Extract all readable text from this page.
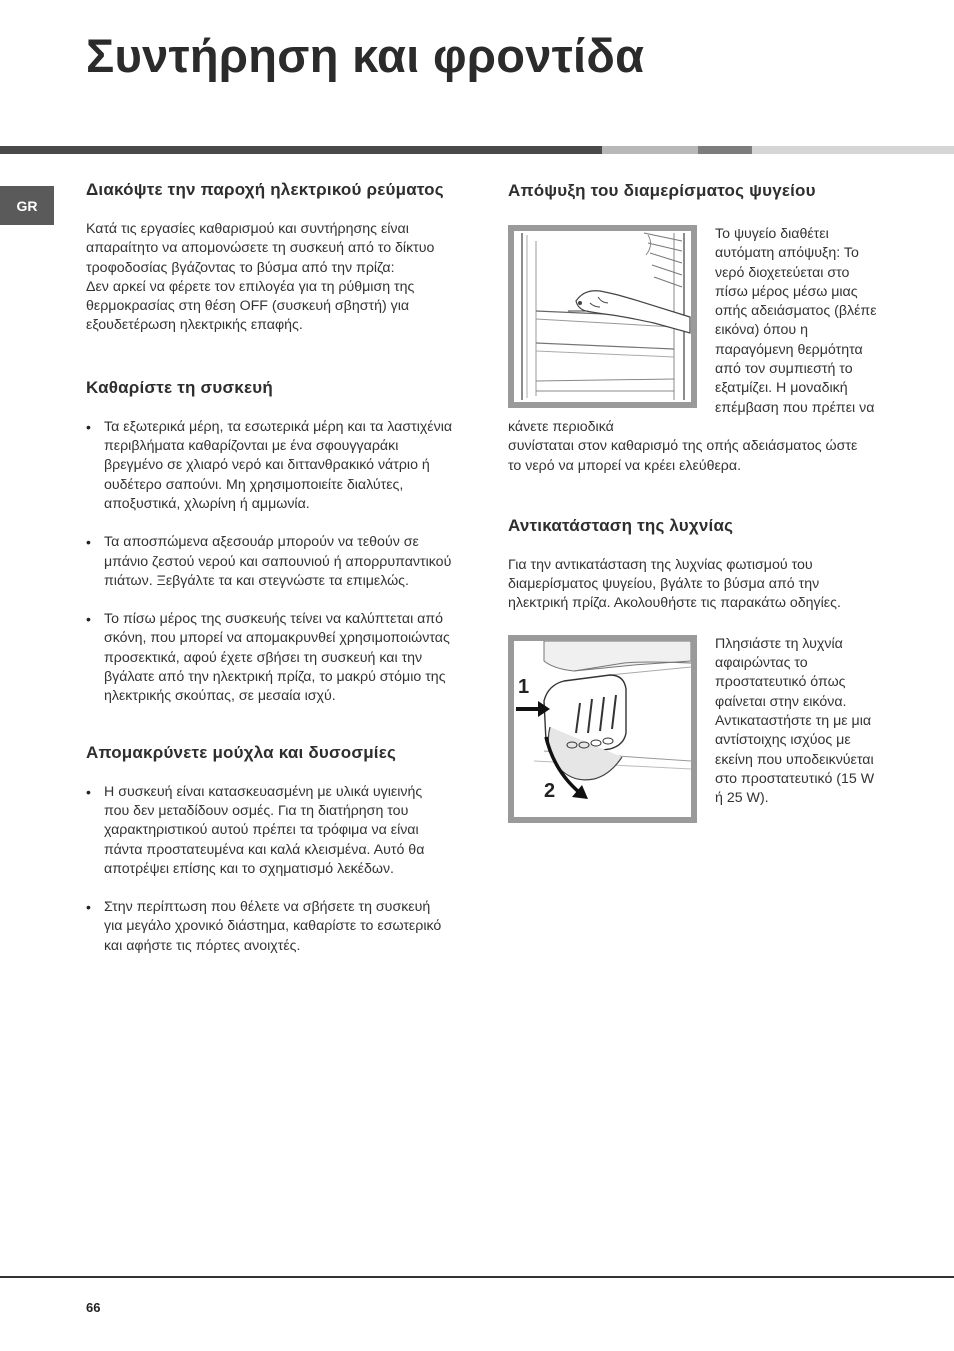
Συντήρηση και φροντίδα
GR
Διακόψτε την παροχή ηλεκτρικού ρεύματος

Κατά τις εργασίες καθαρισμού και συντήρησης είναι
απαραίτητο να απομονώσετε τη συσκευή από το δίκτυο
τροφοδοσίας βγάζοντας το βύσμα από την πρίζα:
Δεν αρκεί να φέρετε τον επιλογέα για τη ρύθμιση της
θερμοκρασίας στη θέση OFF (συσκευή σβηστή) για
εξουδετέρωση ηλεκτρικής επαφής.

Καθαρίστε τη συσκευή
• Τα εξωτερικά μέρη, τα εσωτερικά μέρη και τα λαστιχένια
περιβλήματα καθαρίζονται με ένα σφουγγαράκι
βρεγμένο σε χλιαρό νερό και διττανθρακικό νάτριο ή
ουδέτερο σαπούνι. Μη χρησιμοποιείτε διαλύτες,
αποξυστικά, χλωρίνη ή αμμωνία.

• Τα αποσπώμενα αξεσουάρ μπορούν να τεθούν σε
μπάνιο ζεστού νερού και σαπουνιού ή απορρυπαντικού
πιάτων. Ξεβγάλτε τα και στεγνώστε τα επιμελώς.

• Το πίσω μέρος της συσκευής τείνει να καλύπτεται από
σκόνη, που μπορεί να απομακρυνθεί χρησιμοποιώντας
προσεκτικά, αφού έχετε σβήσει τη συσκευή και την
βγάλατε από την ηλεκτρική πρίζα, το μακρύ στόμιο της
ηλεκτρικής σκούπας, σε μεσαία ισχύ.

Απομακρύνετε μούχλα και δυσοσμίες
• Η συσκευή είναι κατασκευασμένη με υλικά υγιεινής
που δεν μεταδίδουν οσμές. Για τη διατήρηση του
χαρακτηριστικού αυτού πρέπει τα τρόφιμα να είναι
πάντα προστατευμένα και καλά κλεισμένα. Αυτό θα
αποτρέψει επίσης και το σχηματισμό λεκέδων.

• Στην περίπτωση που θέλετε να σβήσετε τη συσκευή
για μεγάλο χρονικό διάστημα, καθαρίστε το εσωτερικό
και αφήστε τις πόρτες ανοιχτές.

Απόψυξη του διαμερίσματος ψυγείου

Το ψυγείο διαθέτει
αυτόματη απόψυξη: Το
νερό διοχετεύεται στο
πίσω μέρος μέσω μιας
οπής αδειάσματος (βλέπε
εικόνα) όπου η
παραγόμενη θερμότητα
από τον συμπιεστή το
εξατμίζει. Η μοναδική
επέμβαση που πρέπει να
κάνετε περιοδικά

συνίσταται στον καθαρισμό της οπής αδειάσματος ώστε
το νερό να μπορεί να κρέει ελεύθερα.

Αντικατάσταση της λυχνίας

Για την αντικατάσταση της λυχνίας φωτισμού του
διαμερίσματος ψυγείου, βγάλτε το βύσμα από την
ηλεκτρική πρίζα. Ακολουθήστε τις παρακάτω οδηγίες.

1
2

Πλησιάστε τη λυχνία
αφαιρώντας το
προστατευτικό όπως
φαίνεται στην εικόνα.
Αντικαταστήστε τη με μια
αντίστοιχης ισχύος με
εκείνη που υποδεικνύεται
στο προστατευτικό (15 W
ή 25 W).

66
